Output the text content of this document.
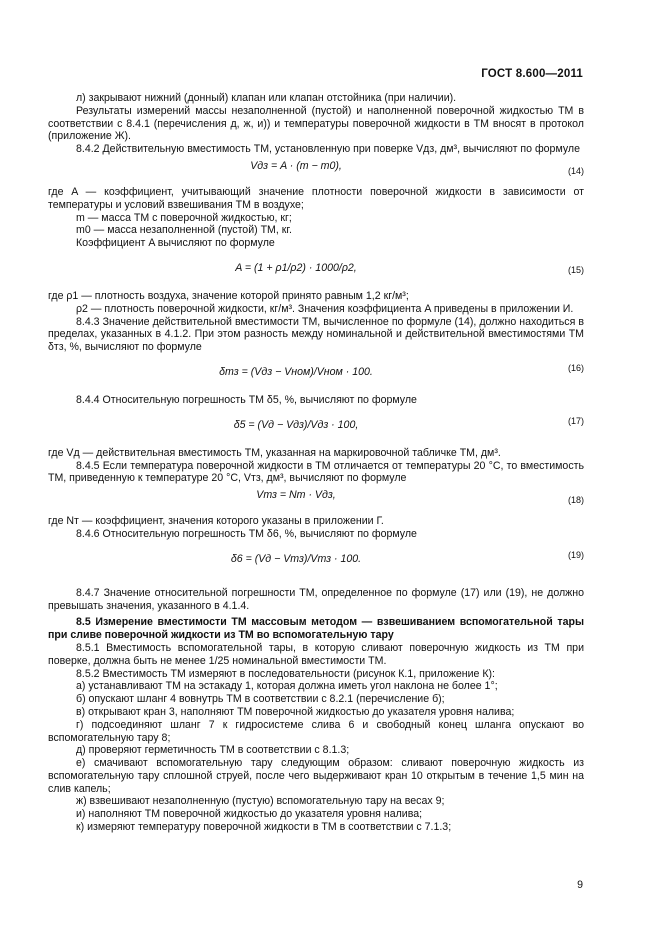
ГОСТ 8.600—2011

л) закрывают нижний (донный) клапан или клапан отстойника (при наличии).

Результаты измерений массы незаполненной (пустой) и наполненной поверочной жидкостью ТМ в соответствии с 8.4.1 (перечисления д, ж, и)) и температуры поверочной жидкости в ТМ вносят в протокол (приложение Ж).

8.4.2 Действительную вместимость ТМ, установленную при поверке Vдз, дм³, вычисляют по формуле

Vдз = A · (m − m0),	(14)

где A — коэффициент, учитывающий значение плотности поверочной жидкости в зависимости от температуры и условий взвешивания ТМ в воздухе;

m — масса ТМ с поверочной жидкостью, кг;

m0 — масса незаполненной (пустой) ТМ, кг.

Коэффициент A вычисляют по формуле

A = (1 + ρ1/ρ2) · 1000/ρ2,	(15)

где ρ1 — плотность воздуха, значение которой принято равным 1,2 кг/м³;

ρ2 — плотность поверочной жидкости, кг/м³. Значения коэффициента A приведены в приложении И.

8.4.3 Значение действительной вместимости ТМ, вычисленное по формуле (14), должно находиться в пределах, указанных в 4.1.2. При этом разность между номинальной и действительной вместимостями ТМ δтз, %, вычисляют по формуле

δтз = (Vдз − Vном)/Vном · 100.	(16)

8.4.4 Относительную погрешность ТМ δ5, %, вычисляют по формуле

δ5 = (Vд − Vдз)/Vдз · 100,	(17)

где Vд — действительная вместимость ТМ, указанная на маркировочной табличке ТМ, дм³.

8.4.5 Если температура поверочной жидкости в ТМ отличается от температуры 20 °С, то вместимость ТМ, приведенную к температуре 20 °С, Vтз, дм³, вычисляют по формуле

Vтз = Nт · Vдз,	(18)

где Nт — коэффициент, значения которого указаны в приложении Г.

8.4.6 Относительную погрешность ТМ δ6, %, вычисляют по формуле

δ6 = (Vд − Vтз)/Vтз · 100.	(19)

8.4.7 Значение относительной погрешности ТМ, определенное по формуле (17) или (19), не должно превышать значения, указанного в 4.1.4.

8.5 Измерение вместимости ТМ массовым методом — взвешиванием вспомогательной тары при сливе поверочной жидкости из ТМ во вспомогательную тару

8.5.1 Вместимость вспомогательной тары, в которую сливают поверочную жидкость из ТМ при поверке, должна быть не менее 1/25 номинальной вместимости ТМ.

8.5.2 Вместимость ТМ измеряют в последовательности (рисунок К.1, приложение К):

а) устанавливают ТМ на эстакаду 1, которая должна иметь угол наклона не более 1°;

б) опускают шланг 4 вовнутрь ТМ в соответствии с 8.2.1 (перечисление б);

в) открывают кран 3, наполняют ТМ поверочной жидкостью до указателя уровня налива;

г) подсоединяют шланг 7 к гидросистеме слива 6 и свободный конец шланга опускают во вспомогательную тару 8;

д) проверяют герметичность ТМ в соответствии с 8.1.3;

е) смачивают вспомогательную тару следующим образом: сливают поверочную жидкость из вспомогательную тару сплошной струей, после чего выдерживают кран 10 открытым в течение 1,5 мин на слив капель;

ж) взвешивают незаполненную (пустую) вспомогательную тару на весах 9;

и) наполняют ТМ поверочной жидкостью до указателя уровня налива;

к) измеряют температуру поверочной жидкости в ТМ в соответствии с 7.1.3;

9
